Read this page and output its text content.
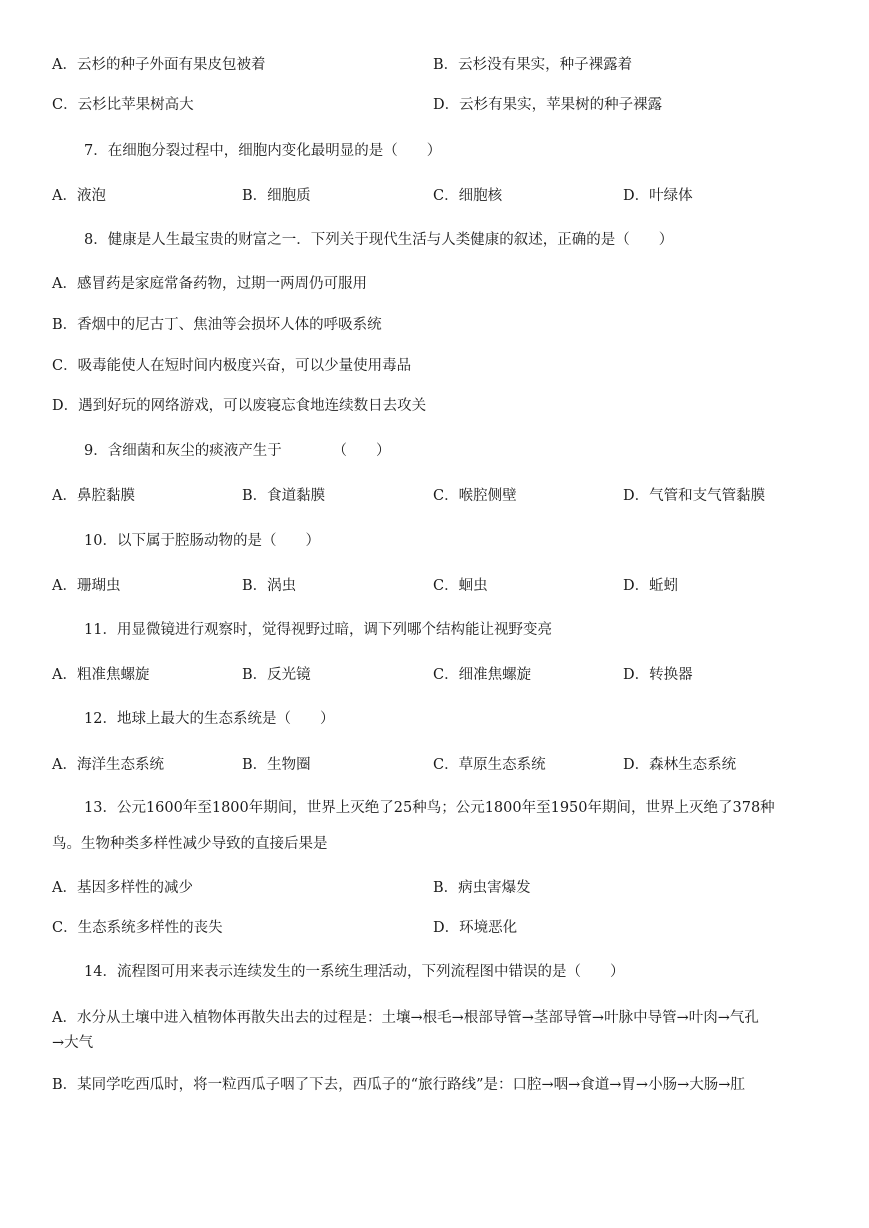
A．云杉的种子外面有果皮包被着	B．云杉没有果实，种子裸露着
C．云杉比苹果树高大	D．云杉有果实，苹果树的种子裸露
7．在细胞分裂过程中，细胞内变化最明显的是（　　）
A．液泡	B．细胞质	C．细胞核	D．叶绿体
8．健康是人生最宝贵的财富之一．下列关于现代生活与人类健康的叙述，正确的是（　　）
A．感冒药是家庭常备药物，过期一两周仍可服用
B．香烟中的尼古丁、焦油等会损坏人体的呼吸系统
C．吸毒能使人在短时间内极度兴奋，可以少量使用毒品
D．遇到好玩的网络游戏，可以废寝忘食地连续数日去攻关
9．含细菌和灰尘的痰液产生于　　　　（　　）
A．鼻腔黏膜	B．食道黏膜	C．喉腔侧壁	D．气管和支气管黏膜
10．以下属于腔肠动物的是（　　）
A．珊瑚虫	B．涡虫	C．蛔虫	D．蚯蚓
11．用显微镜进行观察时，觉得视野过暗，调下列哪个结构能让视野变亮
A．粗准焦螺旋	B．反光镜	C．细准焦螺旋	D．转换器
12．地球上最大的生态系统是（　　）
A．海洋生态系统	B．生物圈	C．草原生态系统	D．森林生态系统
13．公元1600年至1800年期间，世界上灭绝了25种鸟；公元1800年至1950年期间，世界上灭绝了378种
鸟。生物种类多样性减少导致的直接后果是
A．基因多样性的减少	B．病虫害爆发
C．生态系统多样性的丧失	D．环境恶化
14．流程图可用来表示连续发生的一系统生理活动，下列流程图中错误的是（　　）
A．水分从土壤中进入植物体再散失出去的过程是：土壤→根毛→根部导管→茎部导管→叶脉中导管→叶肉→气孔
→大气
B．某同学吃西瓜时，将一粒西瓜子咽了下去，西瓜子的“旅行路线”是：口腔→咽→食道→胃→小肠→大肠→肛
